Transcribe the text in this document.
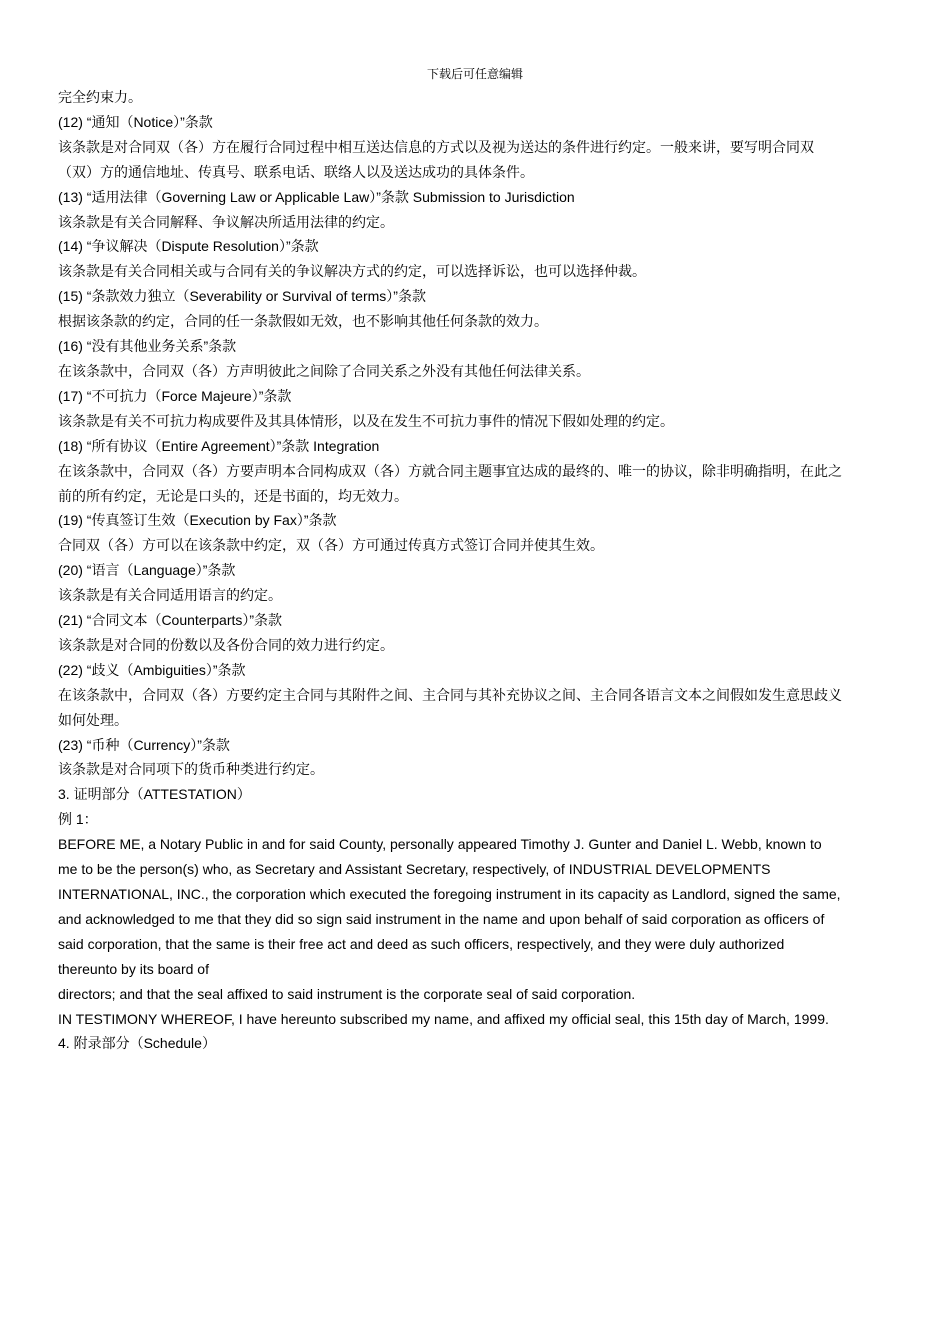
下载后可任意编辑
完全约束力。
(12) “通知（Notice）”条款
该条款是对合同双（各）方在履行合同过程中相互送达信息的方式以及视为送达的条件进行约定。一般来讲，要写明合同双
（双）方的通信地址、传真号、联系电话、联络人以及送达成功的具体条件。
(13) “适用法律（Governing Law or Applicable Law）”条款 Submission to Jurisdiction
该条款是有关合同解释、争议解决所适用法律的约定。
(14) “争议解决（Dispute Resolution）”条款
该条款是有关合同相关或与合同有关的争议解决方式的约定，可以选择诉讼，也可以选择仲裁。
(15) “条款效力独立（Severability or Survival of terms）”条款
根据该条款的约定，合同的任一条款假如无效，也不影响其他任何条款的效力。
(16) “没有其他业务关系”条款
在该条款中，合同双（各）方声明彼此之间除了合同关系之外没有其他任何法律关系。
(17) “不可抗力（Force Majeure）”条款
该条款是有关不可抗力构成要件及其具体情形，以及在发生不可抗力事件的情况下假如处理的约定。
(18) “所有协议（Entire Agreement）”条款 Integration
在该条款中，合同双（各）方要声明本合同构成双（各）方就合同主题事宜达成的最终的、唯一的协议，除非明确指明，在此之
前的所有约定，无论是口头的，还是书面的，均无效力。
(19) “传真签订生效（Execution by Fax）”条款
合同双（各）方可以在该条款中约定，双（各）方可通过传真方式签订合同并使其生效。
(20) “语言（Language）”条款
该条款是有关合同适用语言的约定。
(21) “合同文本（Counterparts）”条款
该条款是对合同的份数以及各份合同的效力进行约定。
(22) “歧义（Ambiguities）”条款
在该条款中，合同双（各）方要约定主合同与其附件之间、主合同与其补充协议之间、主合同各语言文本之间假如发生意思歧义
如何处理。
(23) “币种（Currency）”条款
该条款是对合同项下的货币种类进行约定。
3. 证明部分（ATTESTATION）
例 1：
BEFORE ME, a Notary Public in and for said County, personally appeared Timothy J. Gunter and Daniel L. Webb, known to
me to be the person(s) who, as Secretary and Assistant Secretary, respectively, of INDUSTRIAL DEVELOPMENTS
INTERNATIONAL, INC., the corporation which executed the foregoing instrument in its capacity as Landlord, signed the same,
and acknowledged to me that they did so sign said instrument in the name and upon behalf of said corporation as officers of
said corporation, that the same is their free act and deed as such officers, respectively, and they were duly authorized
thereunto by its board of
directors; and that the seal affixed to said instrument is the corporate seal of said corporation.
IN TESTIMONY WHEREOF, I have hereunto subscribed my name, and affixed my official seal, this 15th day of March, 1999.
4. 附录部分（Schedule）
